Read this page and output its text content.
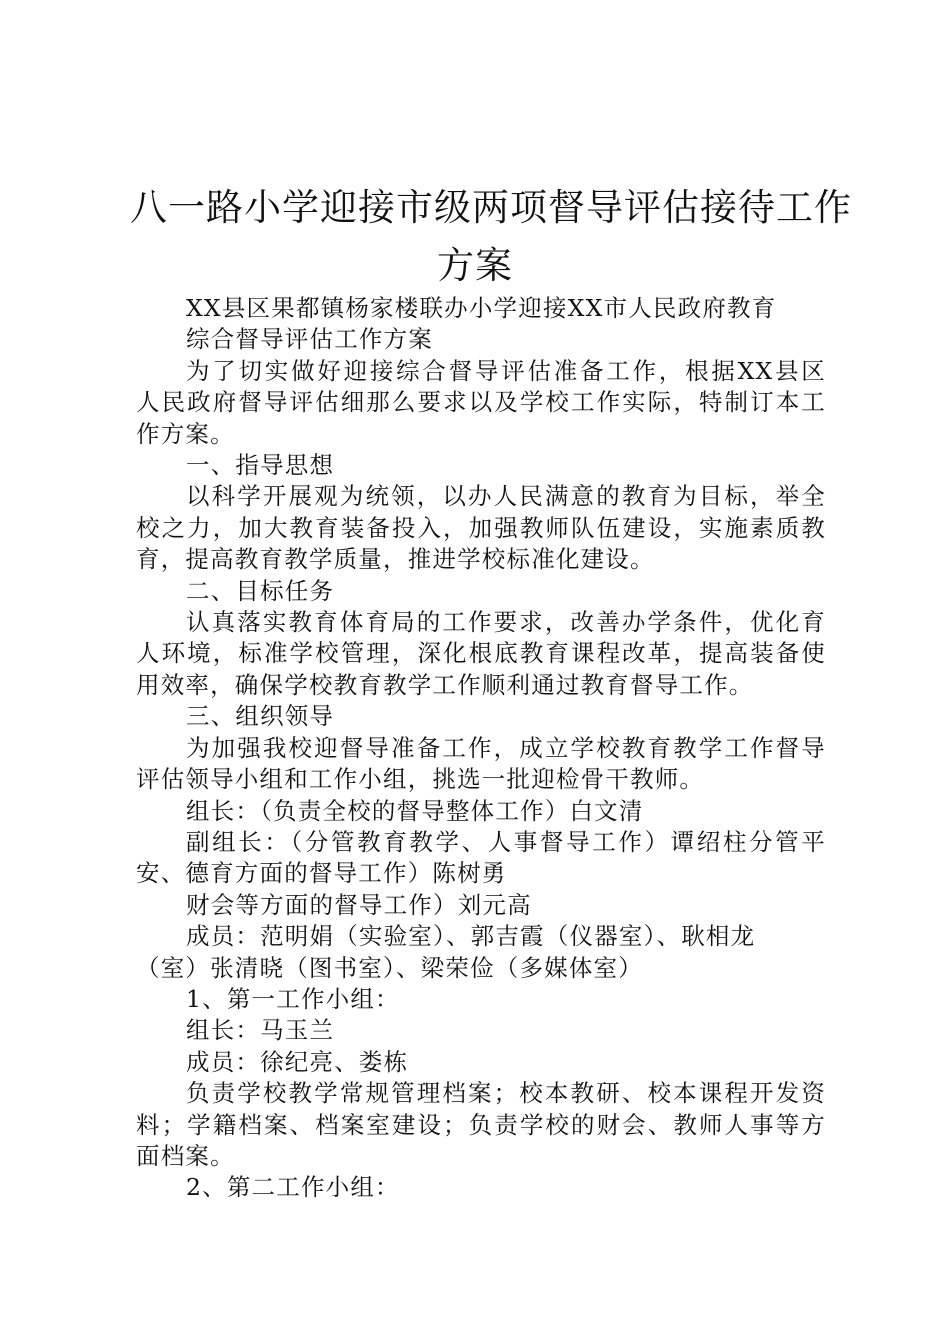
八一路小学迎接市级两项督导评估接待工作
方案
XX县区果都镇杨家楼联办小学迎接XX市人民政府教育
综合督导评估工作方案
为了切实做好迎接综合督导评估准备工作，根据XX县区
人民政府督导评估细那么要求以及学校工作实际，特制订本工
作方案。
一、指导思想
以科学开展观为统领，以办人民满意的教育为目标，举全
校之力，加大教育装备投入，加强教师队伍建设，实施素质教
育，提高教育教学质量，推进学校标准化建设。
二、目标任务
认真落实教育体育局的工作要求，改善办学条件，优化育
人环境，标准学校管理，深化根底教育课程改革，提高装备使
用效率，确保学校教育教学工作顺利通过教育督导工作。
三、组织领导
为加强我校迎督导准备工作，成立学校教育教学工作督导
评估领导小组和工作小组，挑选一批迎检骨干教师。
组长：（负责全校的督导整体工作）白文清
副组长：（分管教育教学、人事督导工作）谭绍柱分管平
安、德育方面的督导工作）陈树勇
财会等方面的督导工作）刘元高
成员：范明娟（实验室）、郭吉霞（仪器室）、耿相龙
（室）张清晓（图书室）、梁荣俭（多媒体室）
1、第一工作小组：
组长：马玉兰
成员：徐纪亮、娄栋
负责学校教学常规管理档案；校本教研、校本课程开发资
料；学籍档案、档案室建设；负责学校的财会、教师人事等方
面档案。
2、第二工作小组：
